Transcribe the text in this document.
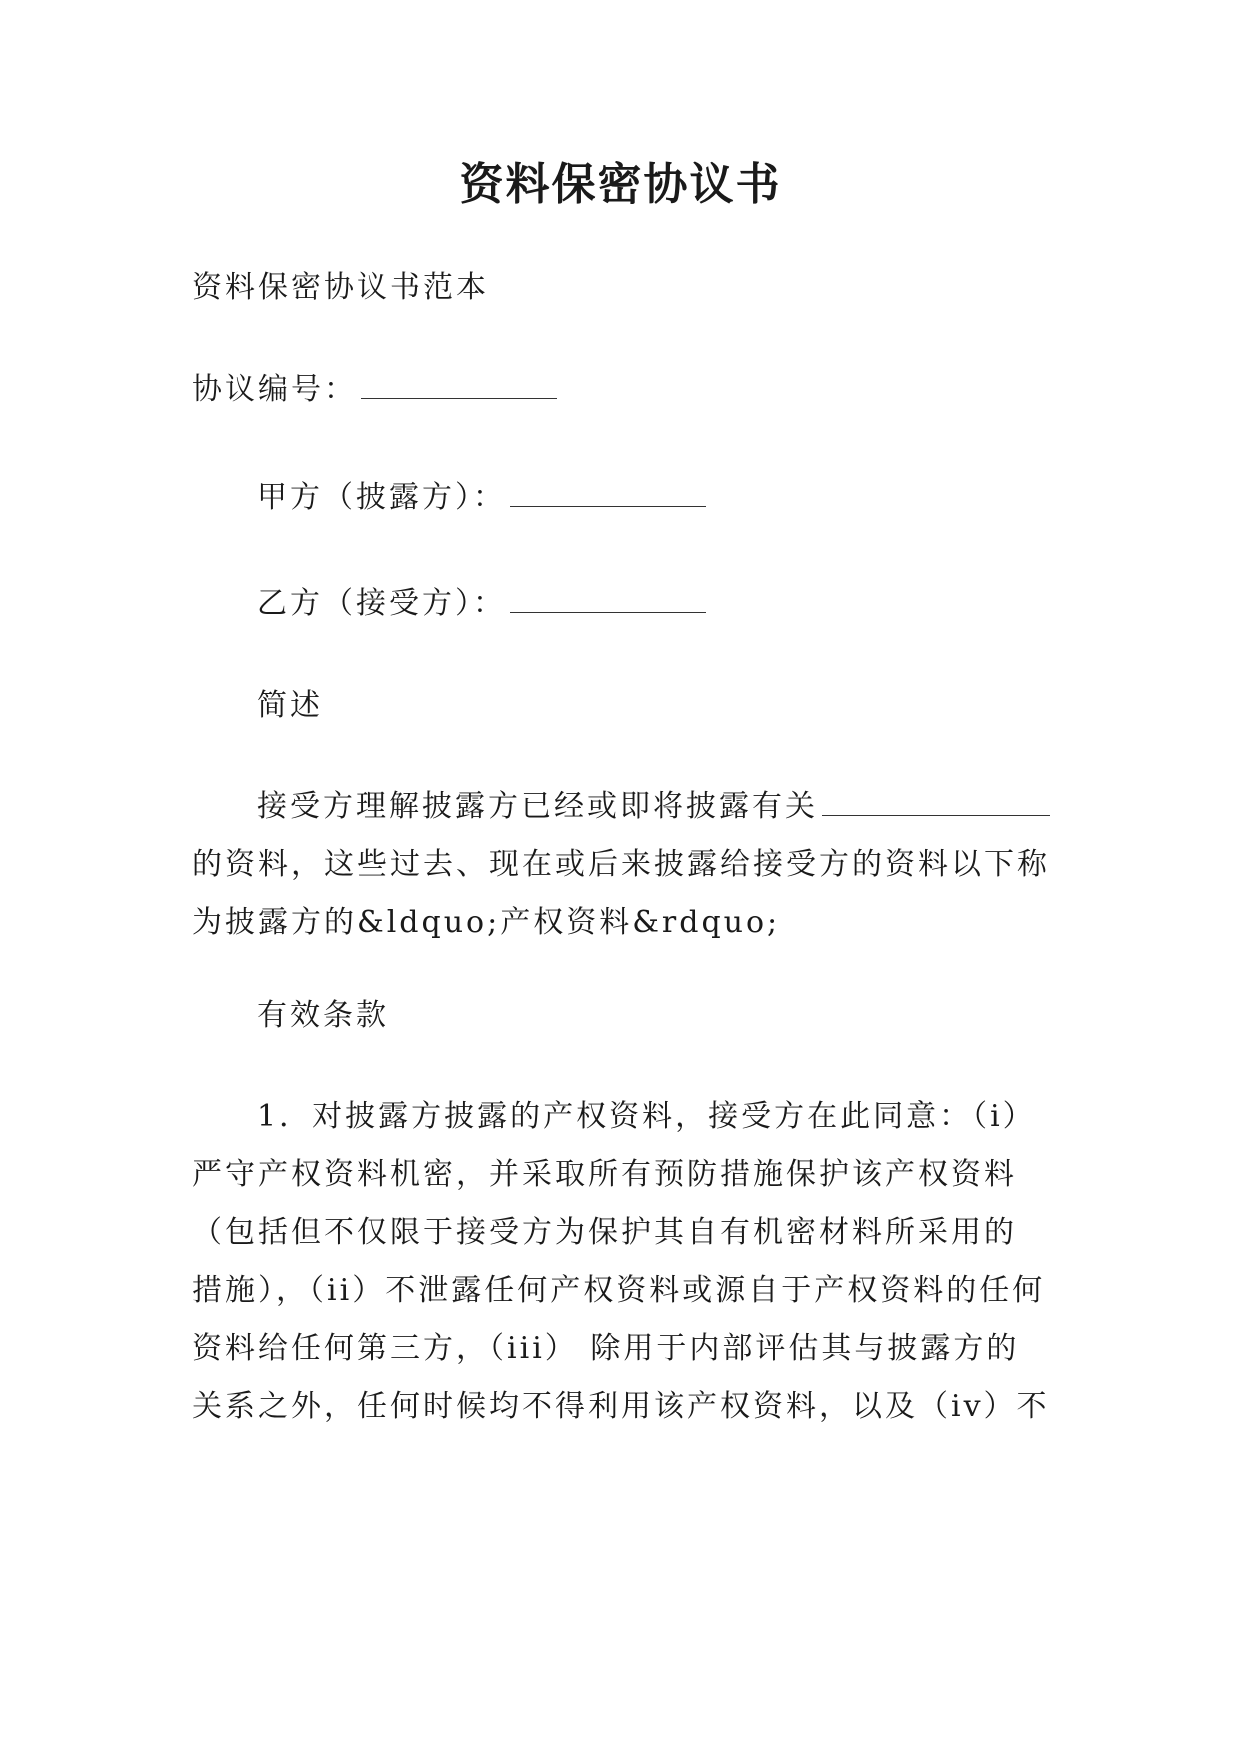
资料保密协议书
资料保密协议书范本
协议编号：
甲方（披露方）：
乙方（接受方）：
简述
接受方理解披露方已经或即将披露有关
的资料，这些过去、现在或后来披露给接受方的资料以下称
为披露方的&ldquo;产权资料&rdquo;
有效条款
1．对披露方披露的产权资料，接受方在此同意：（i）
严守产权资料机密，并采取所有预防措施保护该产权资料
（包括但不仅限于接受方为保护其自有机密材料所采用的
措施），（ii）不泄露任何产权资料或源自于产权资料的任何
资料给任何第三方，（iii） 除用于内部评估其与披露方的
关系之外，任何时候均不得利用该产权资料，以及（iv）不
